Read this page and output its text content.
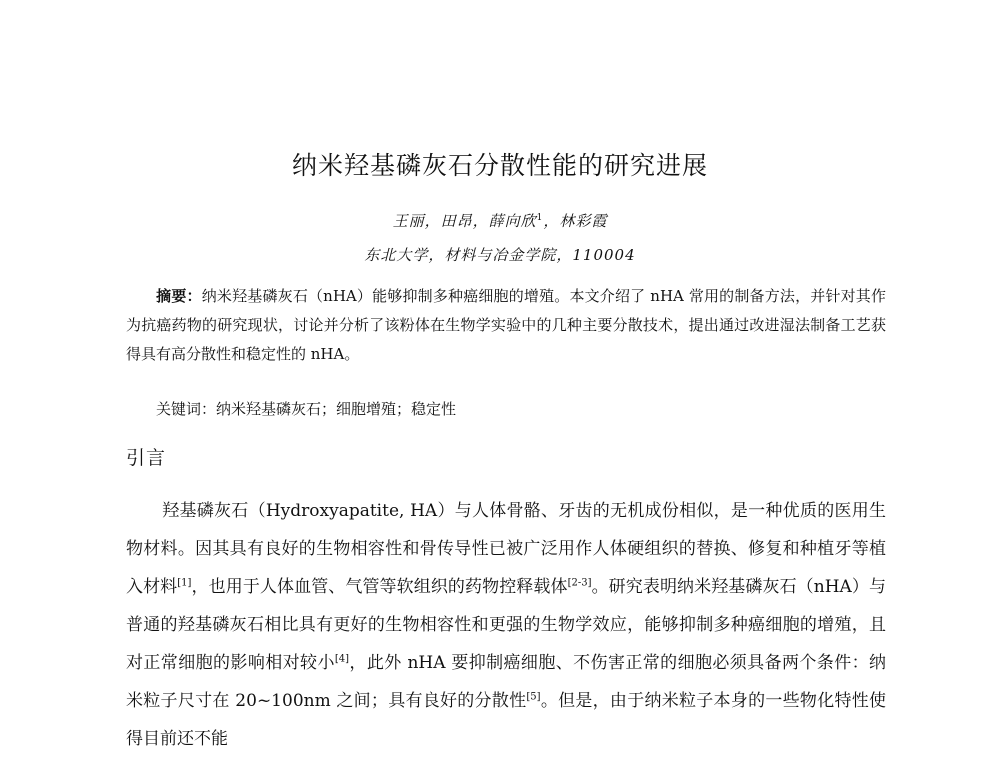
纳米羟基磷灰石分散性能的研究进展
王丽，田昂，薛向欣$^1$，林彩霞
东北大学，材料与冶金学院，110004

摘要：纳米羟基磷灰石（nHA）能够抑制多种癌细胞的增殖。本文介绍了 nHA 常用的制备方法，并针对其作为抗癌药物的研究现状，讨论并分析了该粉体在生物学实验中的几种主要分散技术，提出通过改进湿法制备工艺获得具有高分散性和稳定性的 nHA。

关键词：纳米羟基磷灰石；细胞增殖；稳定性

引言

羟基磷灰石（Hydroxyapatite, HA）与人体骨骼、牙齿的无机成份相似，是一种优质的医用生物材料。因其具有良好的生物相容性和骨传导性已被广泛用作人体硬组织的替换、修复和种植牙等植入材料[1]，也用于人体血管、气管等软组织的药物控释载体[2-3]。研究表明纳米羟基磷灰石（nHA）与普通的羟基磷灰石相比具有更好的生物相容性和更强的生物学效应，能够抑制多种癌细胞的增殖，且对正常细胞的影响相对较小[4]，此外 nHA 要抑制癌细胞、不伤害正常的细胞必须具备两个条件：纳米粒子尺寸在 20~100nm 之间；具有良好的分散性[5]。但是，由于纳米粒子本身的一些物化特性使得目前还不能
